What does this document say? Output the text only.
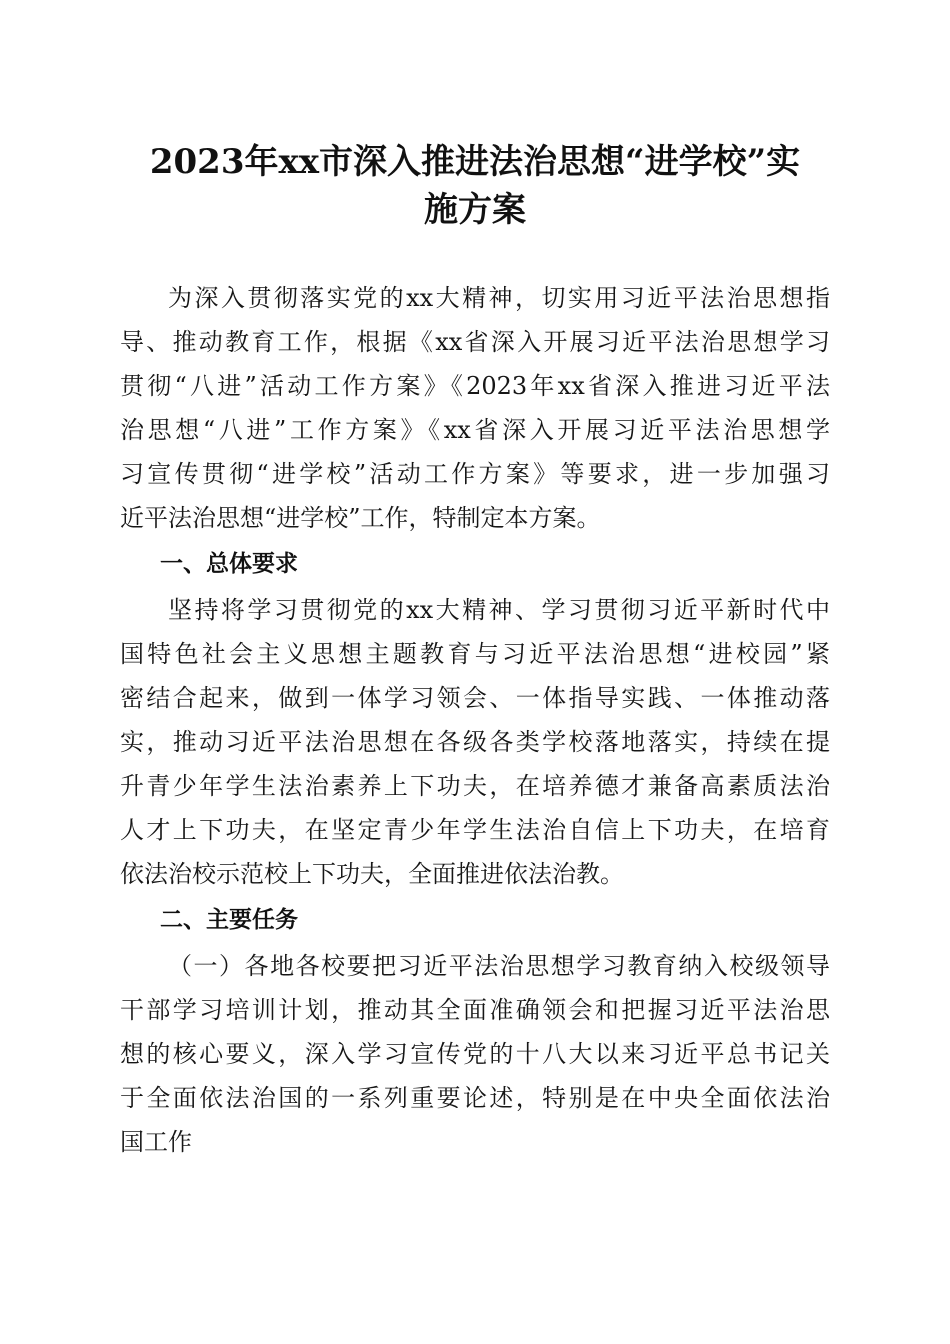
2023年xx市深入推进法治思想“进学校”实
施方案
为深入贯彻落实党的xx大精神，切实用习近平法治思想指
导、推动教育工作，根据《xx省深入开展习近平法治思想学习
贯彻“八进”活动工作方案》《2023年xx省深入推进习近平法
治思想“八进”工作方案》《xx省深入开展习近平法治思想学
习宣传贯彻“进学校”活动工作方案》等要求，进一步加强习
近平法治思想“进学校”工作，特制定本方案。
一、总体要求
坚持将学习贯彻党的xx大精神、学习贯彻习近平新时代中
国特色社会主义思想主题教育与习近平法治思想“进校园”紧
密结合起来，做到一体学习领会、一体指导实践、一体推动落
实，推动习近平法治思想在各级各类学校落地落实，持续在提
升青少年学生法治素养上下功夫，在培养德才兼备高素质法治
人才上下功夫，在坚定青少年学生法治自信上下功夫，在培育
依法治校示范校上下功夫，全面推进依法治教。
二、主要任务
（一）各地各校要把习近平法治思想学习教育纳入校级领导
干部学习培训计划，推动其全面准确领会和把握习近平法治思
想的核心要义，深入学习宣传党的十八大以来习近平总书记关
于全面依法治国的一系列重要论述，特别是在中央全面依法治
国工作
